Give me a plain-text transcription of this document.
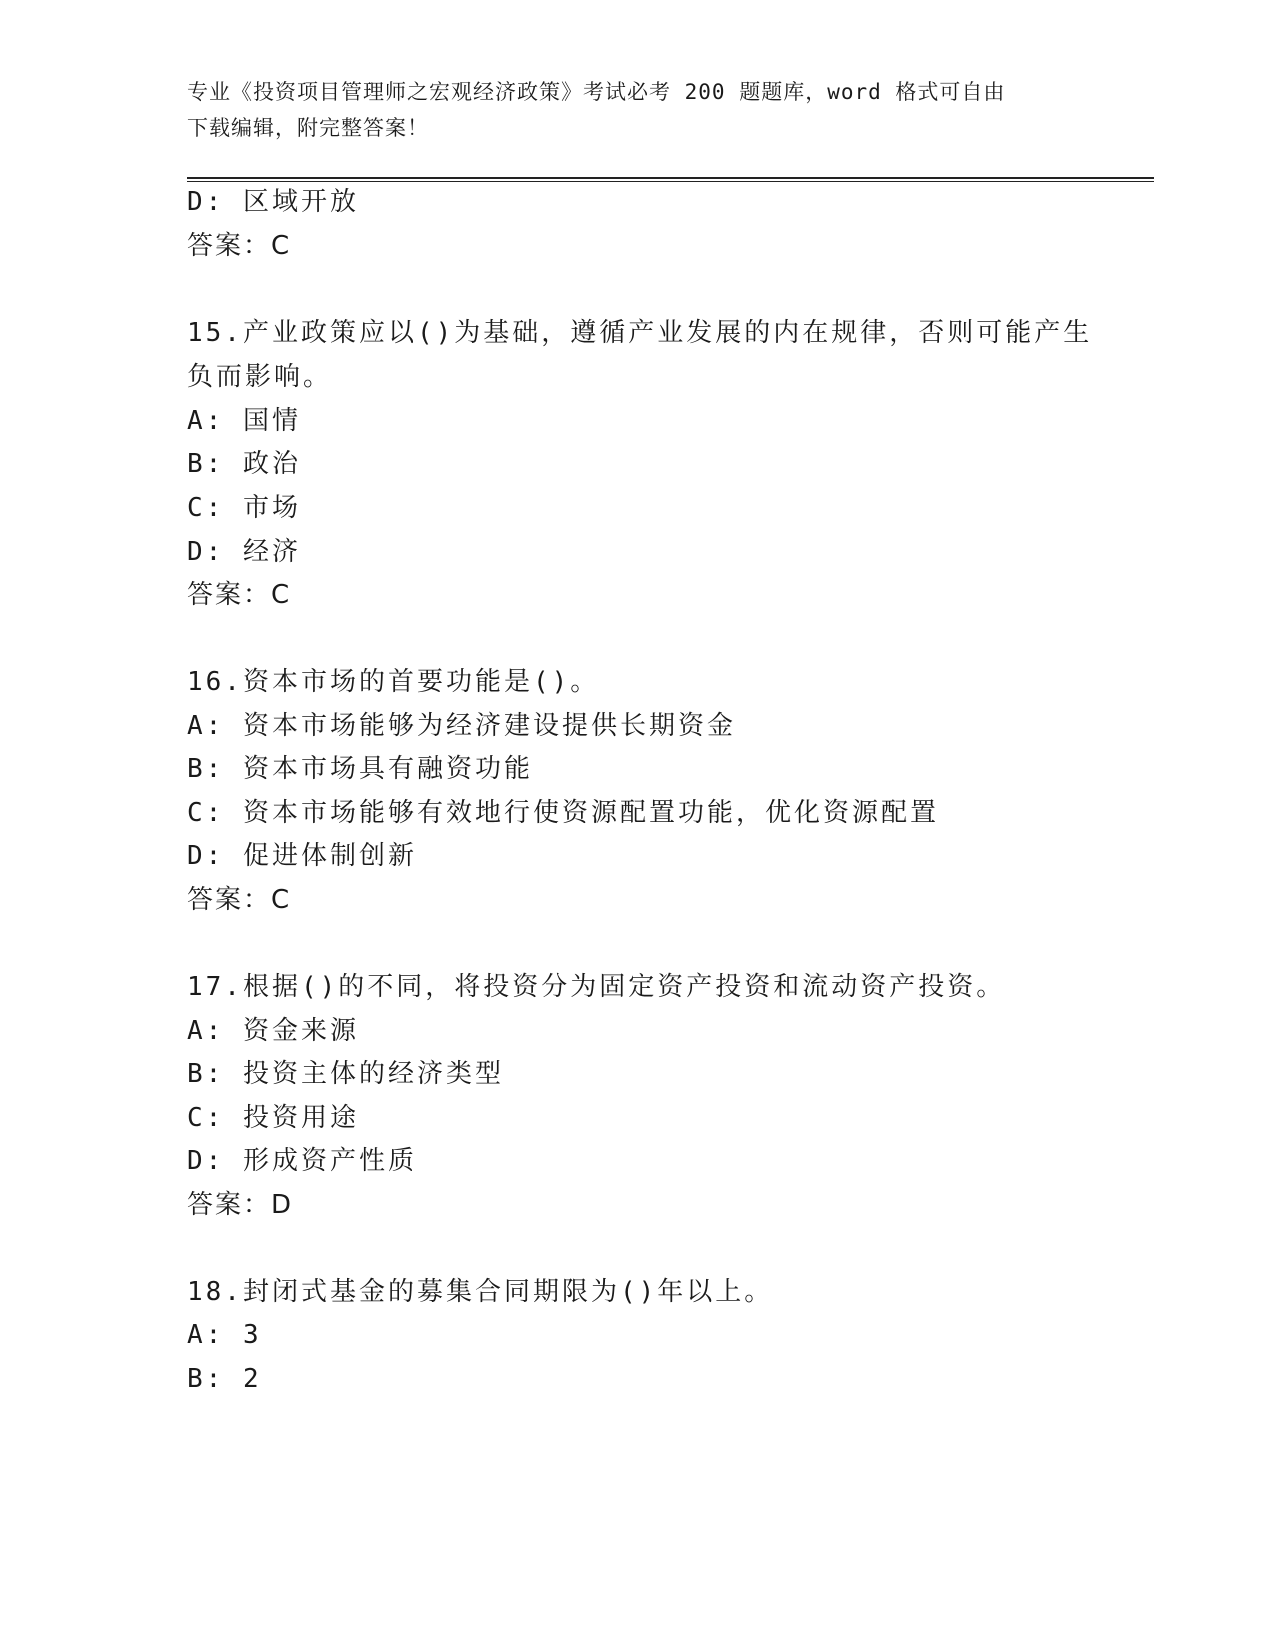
专业《投资项目管理师之宏观经济政策》考试必考 200 题题库，word 格式可自由
下载编辑，附完整答案！
D: 区域开放
答案：C
15.产业政策应以()为基础，遵循产业发展的内在规律，否则可能产生
负而影响。
A: 国情
B: 政治
C: 市场
D: 经济
答案：C
16.资本市场的首要功能是()。
A: 资本市场能够为经济建设提供长期资金
B: 资本市场具有融资功能
C: 资本市场能够有效地行使资源配置功能，优化资源配置
D: 促进体制创新
答案：C
17.根据()的不同，将投资分为固定资产投资和流动资产投资。
A: 资金来源
B: 投资主体的经济类型
C: 投资用途
D: 形成资产性质
答案：D
18.封闭式基金的募集合同期限为()年以上。
A: 3
B: 2
